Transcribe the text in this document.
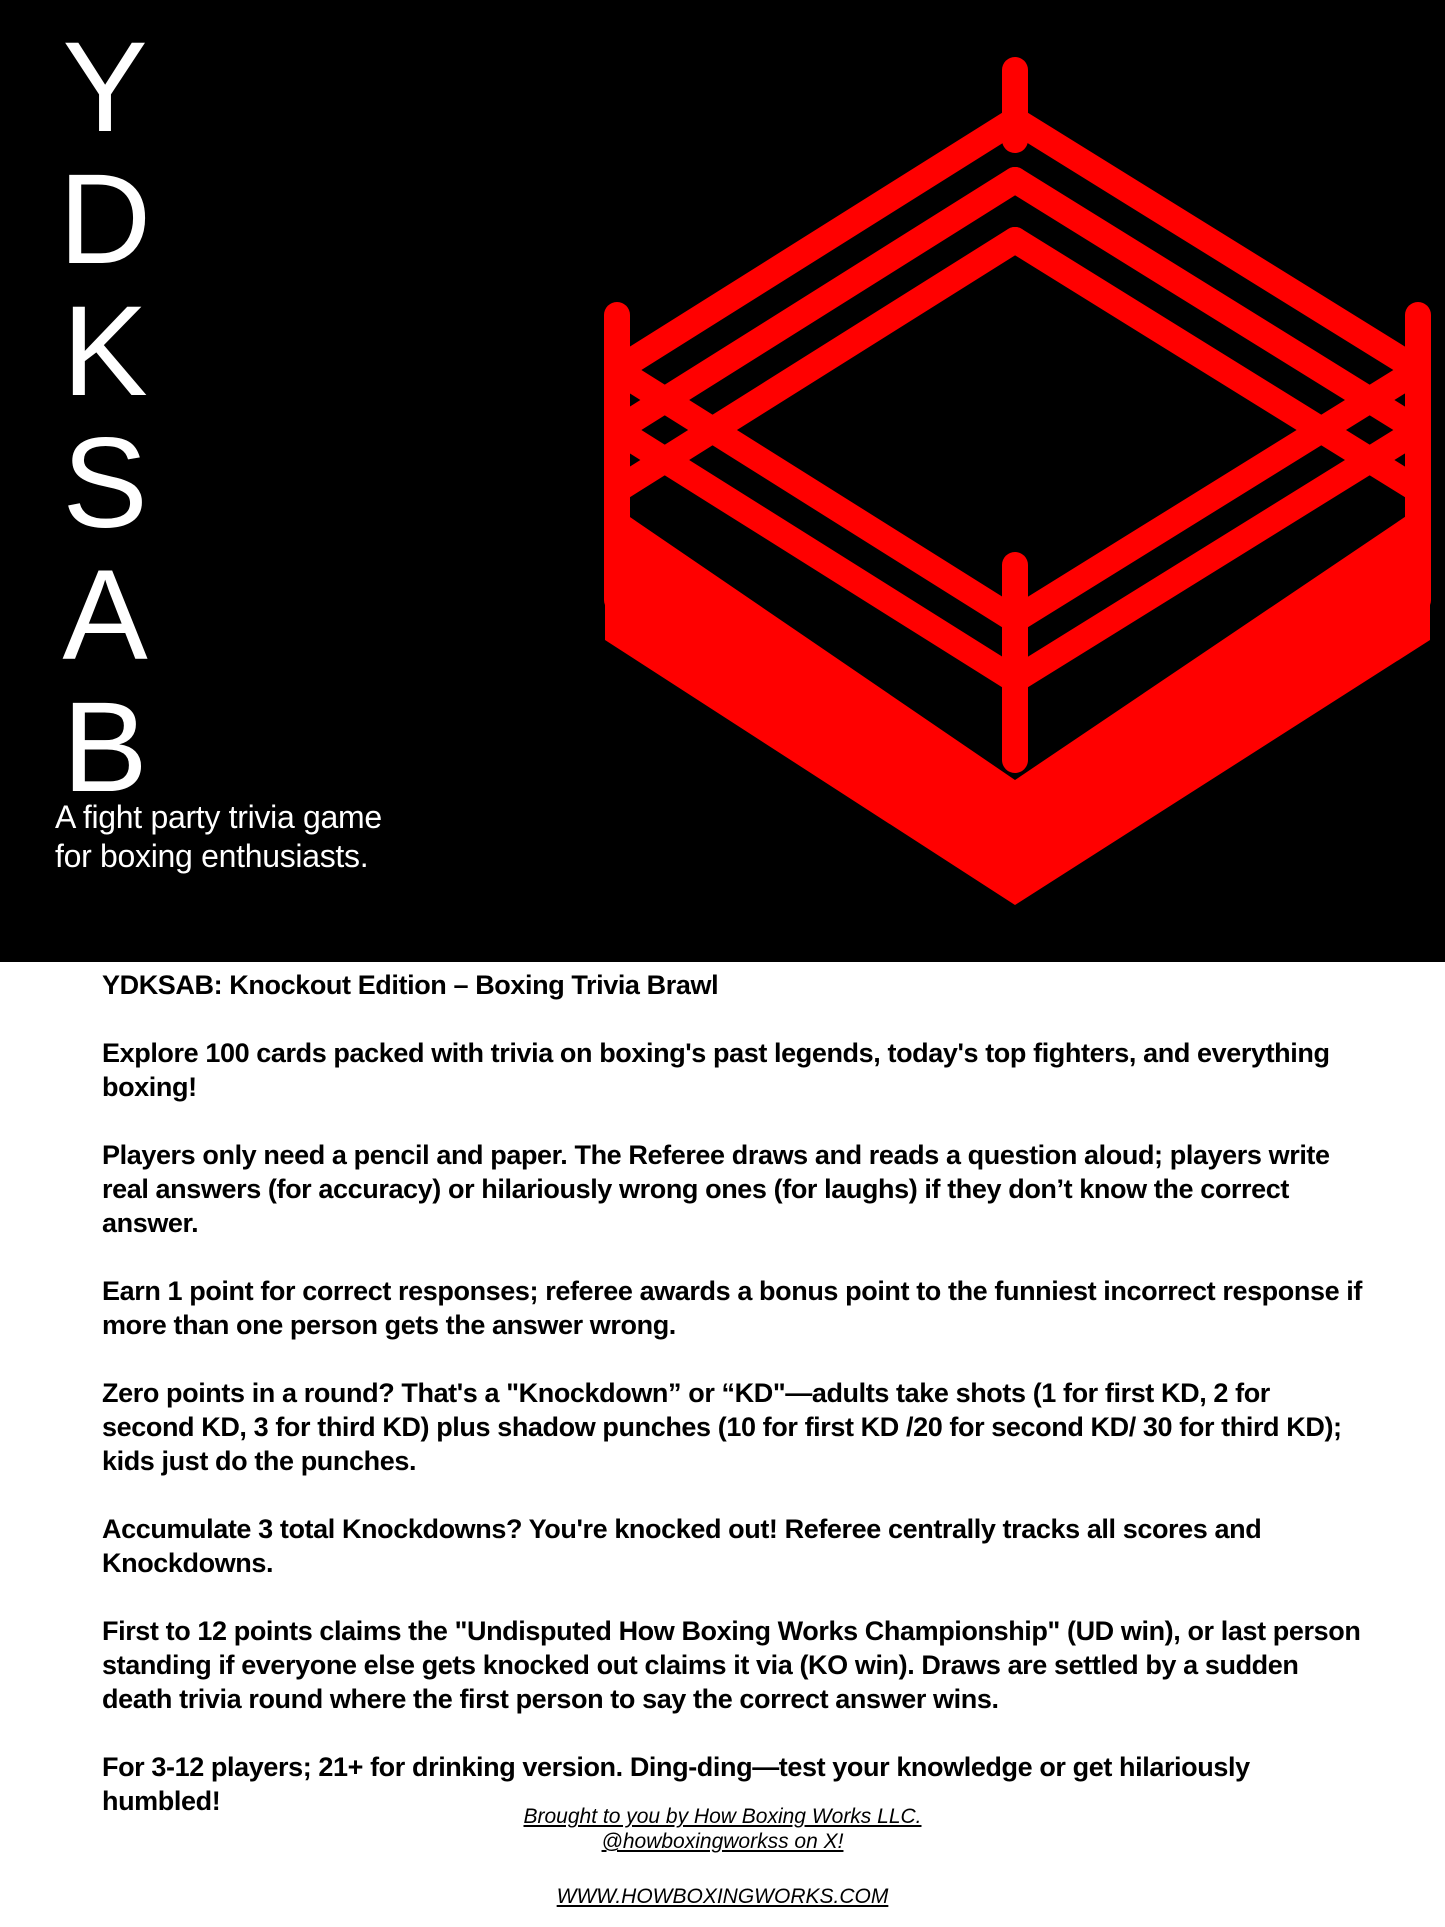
Y
D
K
S
A
B
A fight party trivia game
for boxing enthusiasts.

YDKSAB: Knockout Edition – Boxing Trivia Brawl

Explore 100 cards packed with trivia on boxing's past legends, today's top fighters, and everything boxing!

Players only need a pencil and paper. The Referee draws and reads a question aloud; players write real answers (for accuracy) or hilariously wrong ones (for laughs) if they don’t know the correct answer.

Earn 1 point for correct responses; referee awards a bonus point to the funniest incorrect response if more than one person gets the answer wrong.

Zero points in a round? That's a "Knockdown” or “KD"—adults take shots (1 for first KD, 2 for second KD, 3 for third KD) plus shadow punches (10 for first KD /20 for second KD/ 30 for third KD); kids just do the punches.

Accumulate 3 total Knockdowns? You're knocked out! Referee centrally tracks all scores and Knockdowns.

First to 12 points claims the "Undisputed How Boxing Works Championship" (UD win), or last person standing if everyone else gets knocked out claims it via (KO win). Draws are settled by a sudden death trivia round where the first person to say the correct answer wins.

For 3-12 players; 21+ for drinking version. Ding-ding—test your knowledge or get hilariously humbled!

Brought to you by How Boxing Works LLC.
@howboxingworkss on X!
WWW.HOWBOXINGWORKS.COM
